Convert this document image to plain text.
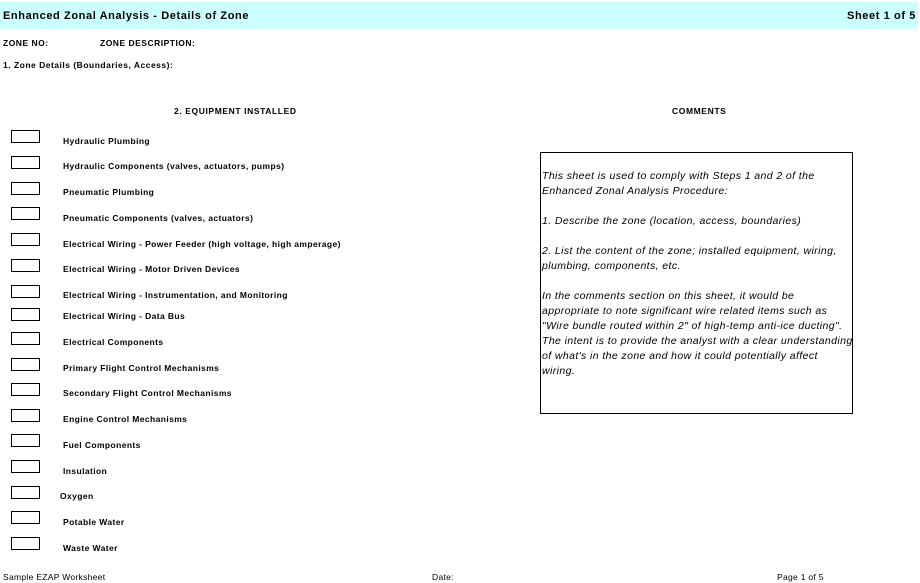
Enhanced Zonal Analysis - Details of Zone	Sheet 1 of 5
ZONE NO:	ZONE DESCRIPTION:
1. Zone Details (Boundaries, Access):
2. EQUIPMENT INSTALLED	COMMENTS
Hydraulic Plumbing
Hydraulic Components (valves, actuators, pumps)
Pneumatic Plumbing
Pneumatic Components (valves, actuators)
Electrical Wiring - Power Feeder (high voltage, high amperage)
Electrical Wiring - Motor Driven Devices
Electrical Wiring - Instrumentation, and Monitoring
Electrical Wiring - Data Bus
Electrical Components
Primary Flight Control Mechanisms
Secondary Flight Control Mechanisms
Engine Control Mechanisms
Fuel Components
Insulation
Oxygen
Potable Water
Waste Water

This sheet is used to comply with Steps 1 and 2 of the Enhanced Zonal Analysis Procedure:

1. Describe the zone (location, access, boundaries)

2. List the content of the zone; installed equipment, wiring, plumbing, components, etc.

In the comments section on this sheet, it would be appropriate to note significant wire related items such as "Wire bundle routed within 2" of high-temp anti-ice ducting". The intent is to provide the analyst with a clear understanding of what's in the zone and how it could potentially affect wiring.

Sample EZAP Worksheet	Date:	Page 1 of 5
